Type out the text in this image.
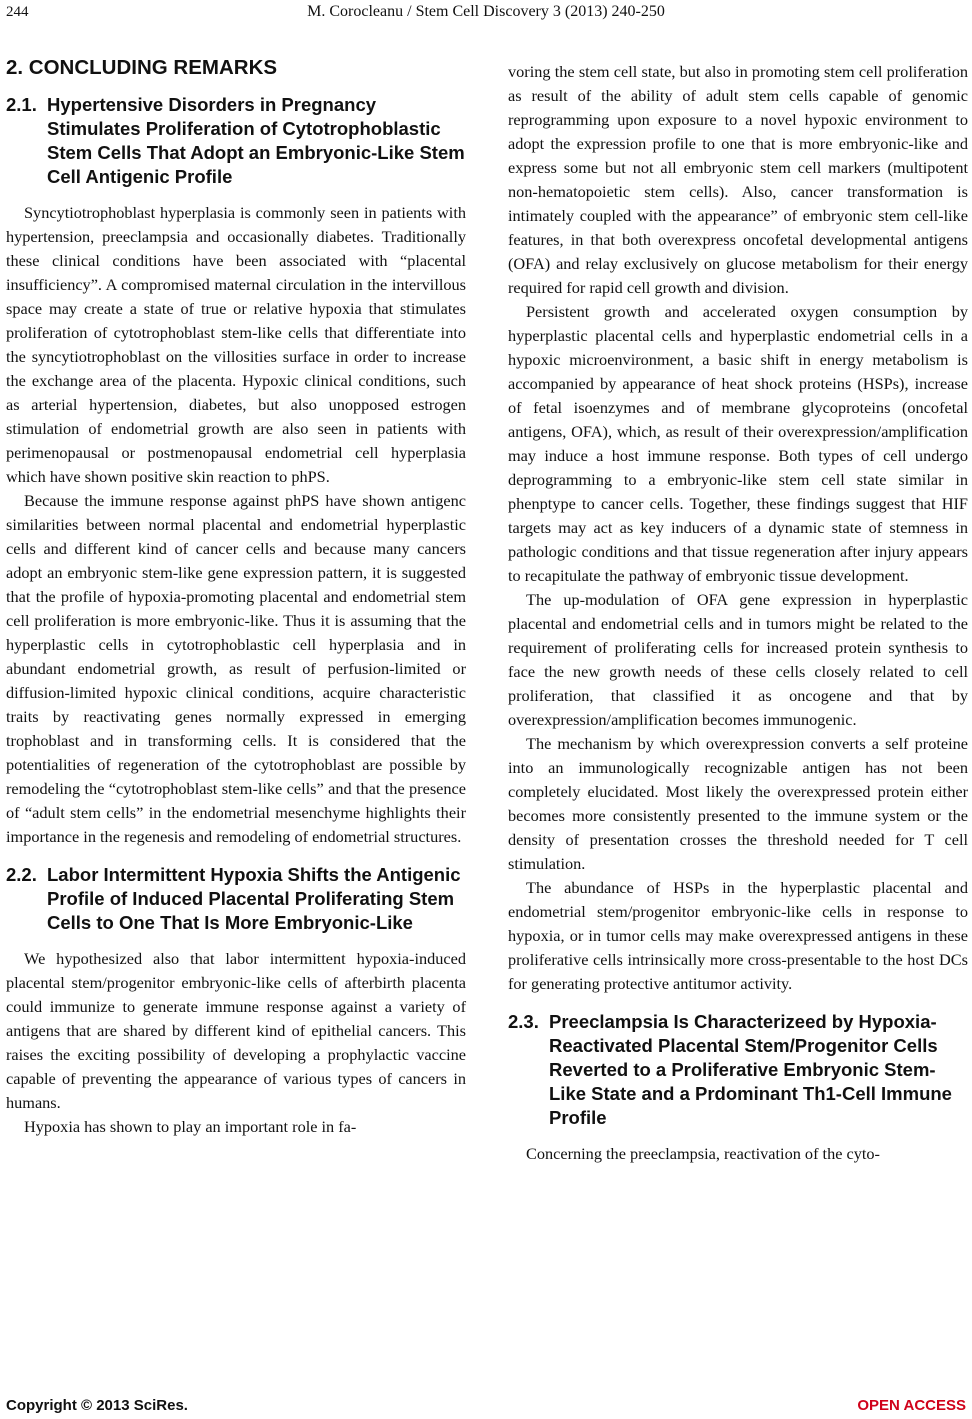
244	M. Corocleanu / Stem Cell Discovery 3 (2013) 240-250
2. CONCLUDING REMARKS
2.1. Hypertensive Disorders in Pregnancy Stimulates Proliferation of Cytotrophoblastic Stem Cells That Adopt an Embryonic-Like Stem Cell Antigenic Profile

Syncytiotrophoblast hyperplasia is commonly seen in patients with hypertension, preeclampsia and occasionally diabetes. Traditionally these clinical conditions have been associated with “placental insufficiency”. A compromised maternal circulation in the intervillous space may create a state of true or relative hypoxia that stimulates proliferation of cytotrophoblast stem-like cells that differentiate into the syncytiotrophoblast on the villosities surface in order to increase the exchange area of the placenta. Hypoxic clinical conditions, such as arterial hypertension, diabetes, but also unopposed estrogen stimulation of endometrial growth are also seen in patients with perimenopausal or postmenopausal endometrial cell hyperplasia which have shown positive skin reaction to phPS.

Because the immune response against phPS have shown antigenc similarities between normal placental and endometrial hyperplastic cells and different kind of cancer cells and because many cancers adopt an embryonic stem-like gene expression pattern, it is suggested that the profile of hypoxia-promoting placental and endometrial stem cell proliferation is more embryonic-like. Thus it is assuming that the hyperplastic cells in cytotrophoblastic cell hyperplasia and in abundant endometrial growth, as result of perfusion-limited or diffusion-limited hypoxic clinical conditions, acquire characteristic traits by reactivating genes normally expressed in emerging trophoblast and in transforming cells. It is considered that the potentialities of regeneration of the cytotrophoblast are possible by remodeling the “cytotrophoblast stem-like cells” and that the presence of “adult stem cells” in the endometrial mesenchyme highlights their importance in the regenesis and remodeling of endometrial structures.

2.2. Labor Intermittent Hypoxia Shifts the Antigenic Profile of Induced Placental Proliferating Stem Cells to One That Is More Embryonic-Like

We hypothesized also that labor intermittent hypoxia-induced placental stem/progenitor embryonic-like cells of afterbirth placenta could immunize to generate immune response against a variety of antigens that are shared by different kind of epithelial cancers. This raises the exciting possibility of developing a prophylactic vaccine capable of preventing the appearance of various types of cancers in humans.

Hypoxia has shown to play an important role in fa-

voring the stem cell state, but also in promoting stem cell proliferation as result of the ability of adult stem cells capable of genomic reprogramming upon exposure to a novel hypoxic environment to adopt the expression profile to one that is more embryonic-like and express some but not all embryonic stem cell markers (multipotent non-hematopoietic stem cells). Also, cancer transformation is intimately coupled with the appearance” of embryonic stem cell-like features, in that both overexpress oncofetal developmental antigens (OFA) and relay exclusively on glucose metabolism for their energy required for rapid cell growth and division.

Persistent growth and accelerated oxygen consumption by hyperplastic placental cells and hyperplastic endometrial cells in a hypoxic microenvironment, a basic shift in energy metabolism is accompanied by appearance of heat shock proteins (HSPs), increase of fetal isoenzymes and of membrane glycoproteins (oncofetal antigens, OFA), which, as result of their overexpression/amplification may induce a host immune response. Both types of cell undergo deprogramming to a embryonic-like stem cell state similar in phenptype to cancer cells. Together, these findings suggest that HIF targets may act as key inducers of a dynamic state of stemness in pathologic conditions and that tissue regeneration after injury appears to recapitulate the pathway of embryonic tissue development.

The up-modulation of OFA gene expression in hyperplastic placental and endometrial cells and in tumors might be related to the requirement of proliferating cells for increased protein synthesis to face the new growth needs of these cells closely related to cell proliferation, that classified it as oncogene and that by overexpression/amplification becomes immunogenic.

The mechanism by which overexpression converts a self proteine into an immunologically recognizable antigen has not been completely elucidated. Most likely the overexpressed protein either becomes more consistently presented to the immune system or the density of presentation crosses the threshold needed for T cell stimulation.

The abundance of HSPs in the hyperplastic placental and endometrial stem/progenitor embryonic-like cells in response to hypoxia, or in tumor cells may make overexpressed antigens in these proliferative cells intrinsically more cross-presentable to the host DCs for generating protective antitumor activity.

2.3. Preeclampsia Is Characterizeed by Hypoxia-Reactivated Placental Stem/Progenitor Cells Reverted to a Proliferative Embryonic Stem-Like State and a Prdominant Th1-Cell Immune Profile

Concerning the preeclampsia, reactivation of the cyto-

Copyright © 2013 SciRes.	OPEN ACCESS
